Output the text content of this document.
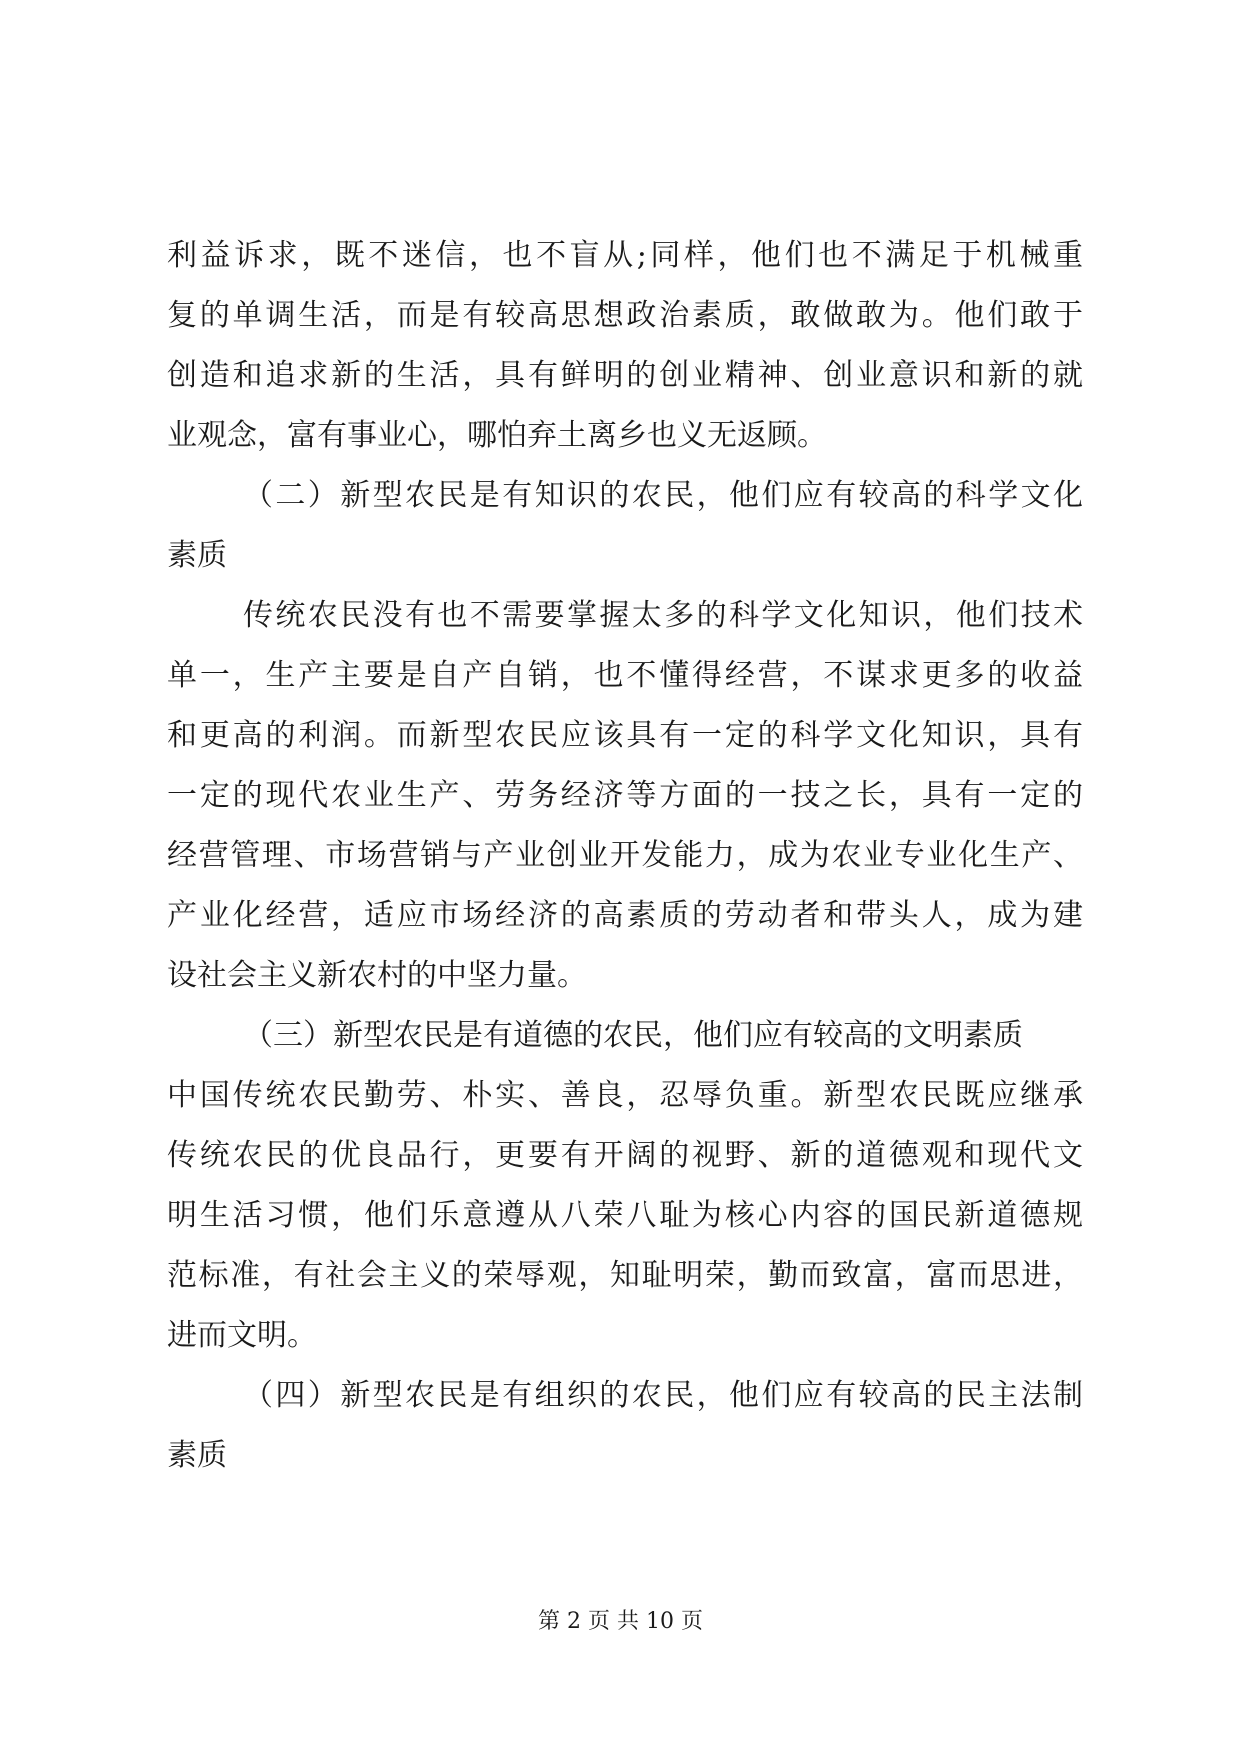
利益诉求，既不迷信，也不盲从;同样，他们也不满足于机械重
复的单调生活，而是有较高思想政治素质，敢做敢为。他们敢于
创造和追求新的生活，具有鲜明的创业精神、创业意识和新的就
业观念，富有事业心，哪怕弃土离乡也义无返顾。
（二）新型农民是有知识的农民，他们应有较高的科学文化
素质
传统农民没有也不需要掌握太多的科学文化知识，他们技术
单一，生产主要是自产自销，也不懂得经营，不谋求更多的收益
和更高的利润。而新型农民应该具有一定的科学文化知识，具有
一定的现代农业生产、劳务经济等方面的一技之长，具有一定的
经营管理、市场营销与产业创业开发能力，成为农业专业化生产、
产业化经营，适应市场经济的高素质的劳动者和带头人，成为建
设社会主义新农村的中坚力量。
（三）新型农民是有道德的农民，他们应有较高的文明素质
中国传统农民勤劳、朴实、善良，忍辱负重。新型农民既应继承
传统农民的优良品行，更要有开阔的视野、新的道德观和现代文
明生活习惯，他们乐意遵从八荣八耻为核心内容的国民新道德规
范标准，有社会主义的荣辱观，知耻明荣，勤而致富，富而思进，
进而文明。
（四）新型农民是有组织的农民，他们应有较高的民主法制
素质
第 2 页 共 10 页
